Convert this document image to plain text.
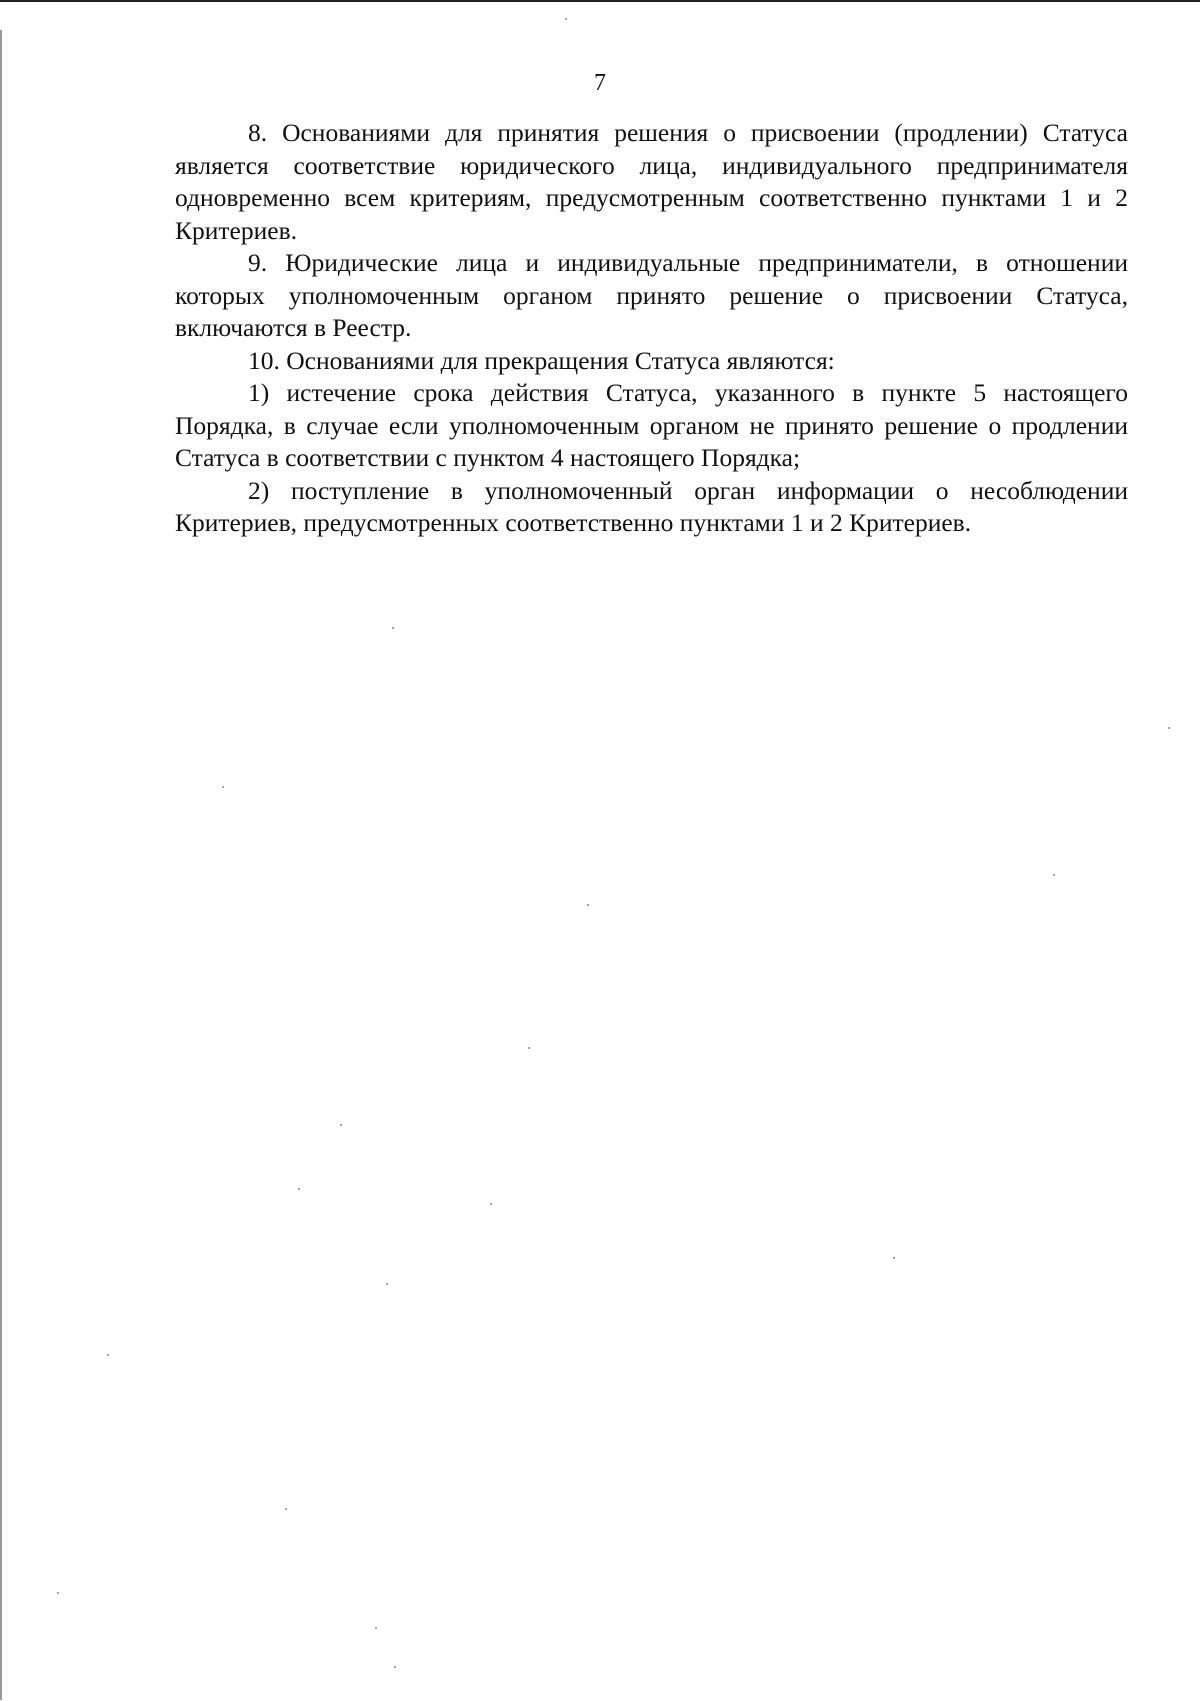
7

8. Основаниями для принятия решения о присвоении (продлении) Статуса является соответствие юридического лица, индивидуального предпринимателя одновременно всем критериям, предусмотренным соответственно пунктами 1 и 2 Критериев.

9. Юридические лица и индивидуальные предприниматели, в отношении которых уполномоченным органом принято решение о присвоении Статуса, включаются в Реестр.

10. Основаниями для прекращения Статуса являются:

1) истечение срока действия Статуса, указанного в пункте 5 настоящего Порядка, в случае если уполномоченным органом не принято решение о продлении Статуса в соответствии с пунктом 4 настоящего Порядка;

2) поступление в уполномоченный орган информации о несоблюдении Критериев, предусмотренных соответственно пунктами 1 и 2 Критериев.
